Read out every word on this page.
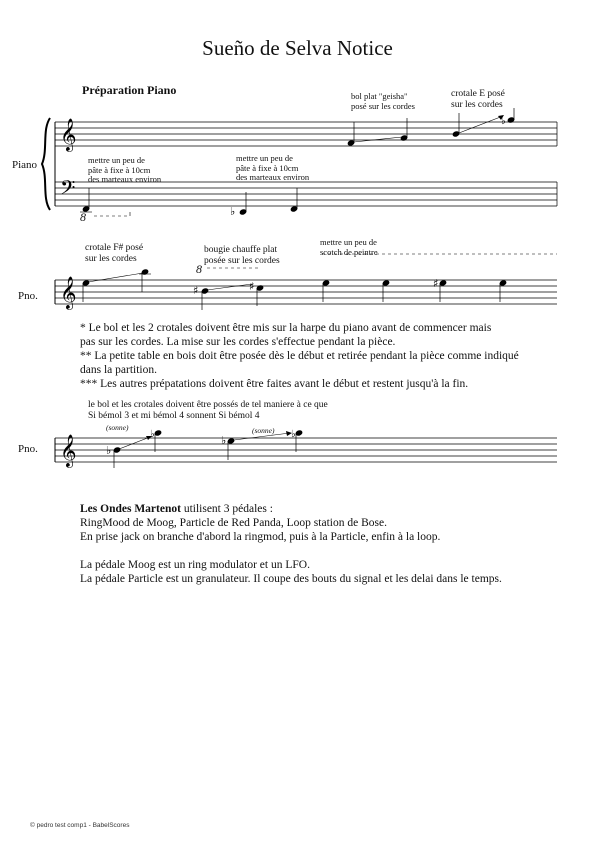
Sueño de Selva Notice
𝄞
𝄢
♭
♭
𝄞	♯	♯	♯
𝄞	♭
♭	♭	♭
Préparation Piano
Piano
bol plat "geisha"
posé sur les cordes
crotale E posé
sur les cordes
mettre un peu de
pâte à fixe à 10cm
des marteaux environ
mettre un peu de
pâte à fixe à 10cm
des marteaux environ
8
Pno.
crotale F# posé
sur les cordes
bougie chauffe plat
posée sur les cordes
mettre un peu de
scotch de peintre
8
* Le bol et les 2 crotales doivent être mis sur la harpe du piano avant de commencer mais
pas sur les cordes. La mise sur les cordes s'effectue pendant la pièce.
** La petite table en bois doit être posée dès le début et retirée pendant la pièce comme indiqué
dans la partition.
*** Les autres prépatations doivent être faites avant le début et restent jusqu'à la fin.
Pno.
le bol et les crotales doivent être possés de tel maniere à ce que
Si bémol 3 et mi bémol 4 sonnent Si bémol 4
(sonne)	(sonne)
Les Ondes Martenot utilisent 3 pédales :
RingMood de Moog, Particle de Red Panda, Loop station de Bose.
En prise jack on branche d'abord la ringmod, puis à la Particle, enfin à la loop.
La pédale Moog est un ring modulator et un LFO.
La pédale Particle est un granulateur. Il coupe des bouts du signal et les delai dans le temps.
© pedro test comp1 - BabelScores
